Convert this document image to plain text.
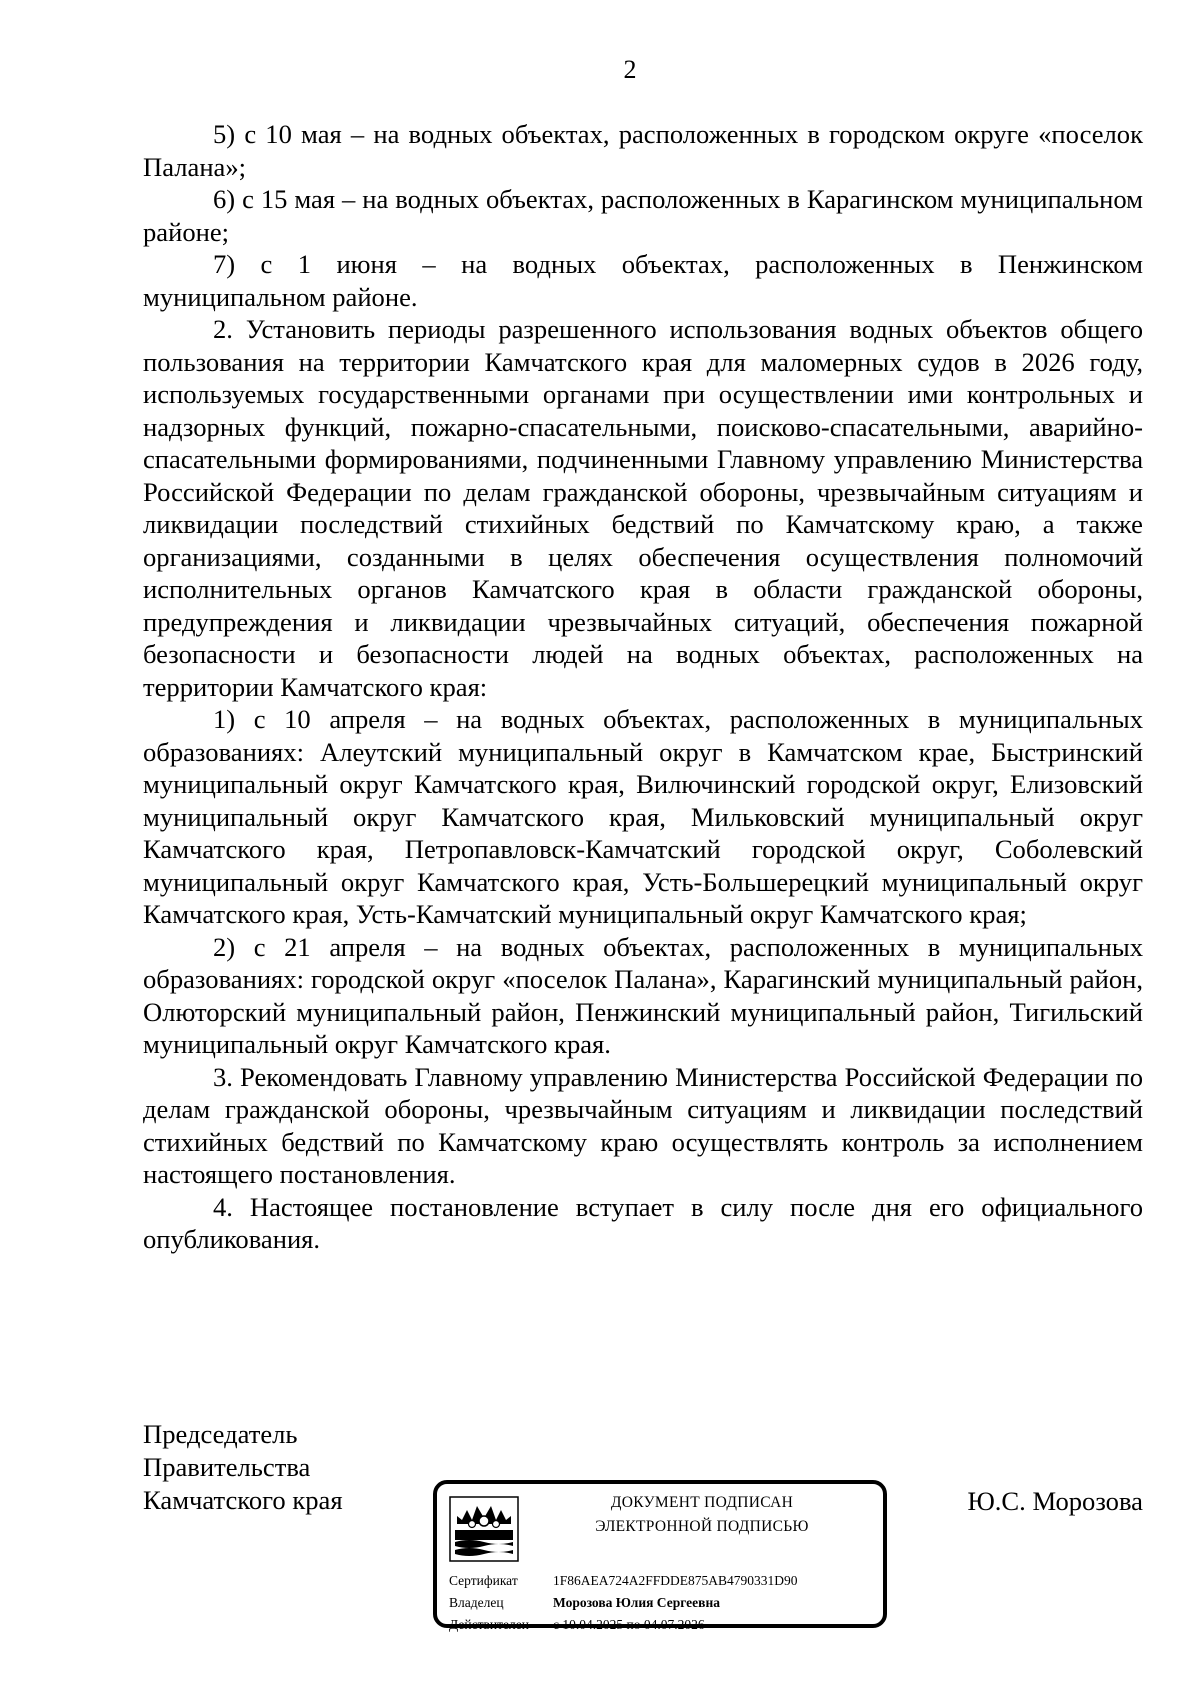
2

5) с 10 мая – на водных объектах, расположенных в городском округе «поселок Палана»;

6) с 15 мая – на водных объектах, расположенных в Карагинском муниципальном районе;

7) с 1 июня – на водных объектах, расположенных в Пенжинском муниципальном районе.

2. Установить периоды разрешенного использования водных объектов общего пользования на территории Камчатского края для маломерных судов в 2026 году, используемых государственными органами при осуществлении ими контрольных и надзорных функций, пожарно-спасательными, поисково-спасательными, аварийно-спасательными формированиями, подчиненными Главному управлению Министерства Российской Федерации по делам гражданской обороны, чрезвычайным ситуациям и ликвидации последствий стихийных бедствий по Камчатскому краю, а также организациями, созданными в целях обеспечения осуществления полномочий исполнительных органов Камчатского края в области гражданской обороны, предупреждения и ликвидации чрезвычайных ситуаций, обеспечения пожарной безопасности и безопасности людей на водных объектах, расположенных на территории Камчатского края:

1) с 10 апреля – на водных объектах, расположенных в муниципальных образованиях: Алеутский муниципальный округ в Камчатском крае, Быстринский муниципальный округ Камчатского края, Вилючинский городской округ, Елизовский муниципальный округ Камчатского края, Мильковский муниципальный округ Камчатского края, Петропавловск-Камчатский городской округ, Соболевский муниципальный округ Камчатского края, Усть-Большерецкий муниципальный округ Камчатского края, Усть-Камчатский муниципальный округ Камчатского края;

2) с 21 апреля – на водных объектах, расположенных в муниципальных образованиях: городской округ «поселок Палана», Карагинский муниципальный район, Олюторский муниципальный район, Пенжинский муниципальный район, Тигильский муниципальный округ Камчатского края.

3. Рекомендовать Главному управлению Министерства Российской Федерации по делам гражданской обороны, чрезвычайным ситуациям и ликвидации последствий стихийных бедствий по Камчатскому краю осуществлять контроль за исполнением настоящего постановления.

4. Настоящее постановление вступает в силу после дня его официального опубликования.

Председатель
Правительства
Камчатского края	Ю.С. Морозова
ДОКУМЕНТ ПОДПИСАН
ЭЛЕКТРОННОЙ ПОДПИСЬЮ
Сертификат	1F86AEA724A2FFDDE875AB4790331D90
Владелец	Морозова Юлия Сергеевна
Действителен с 10.04.2025 по 04.07.2026
